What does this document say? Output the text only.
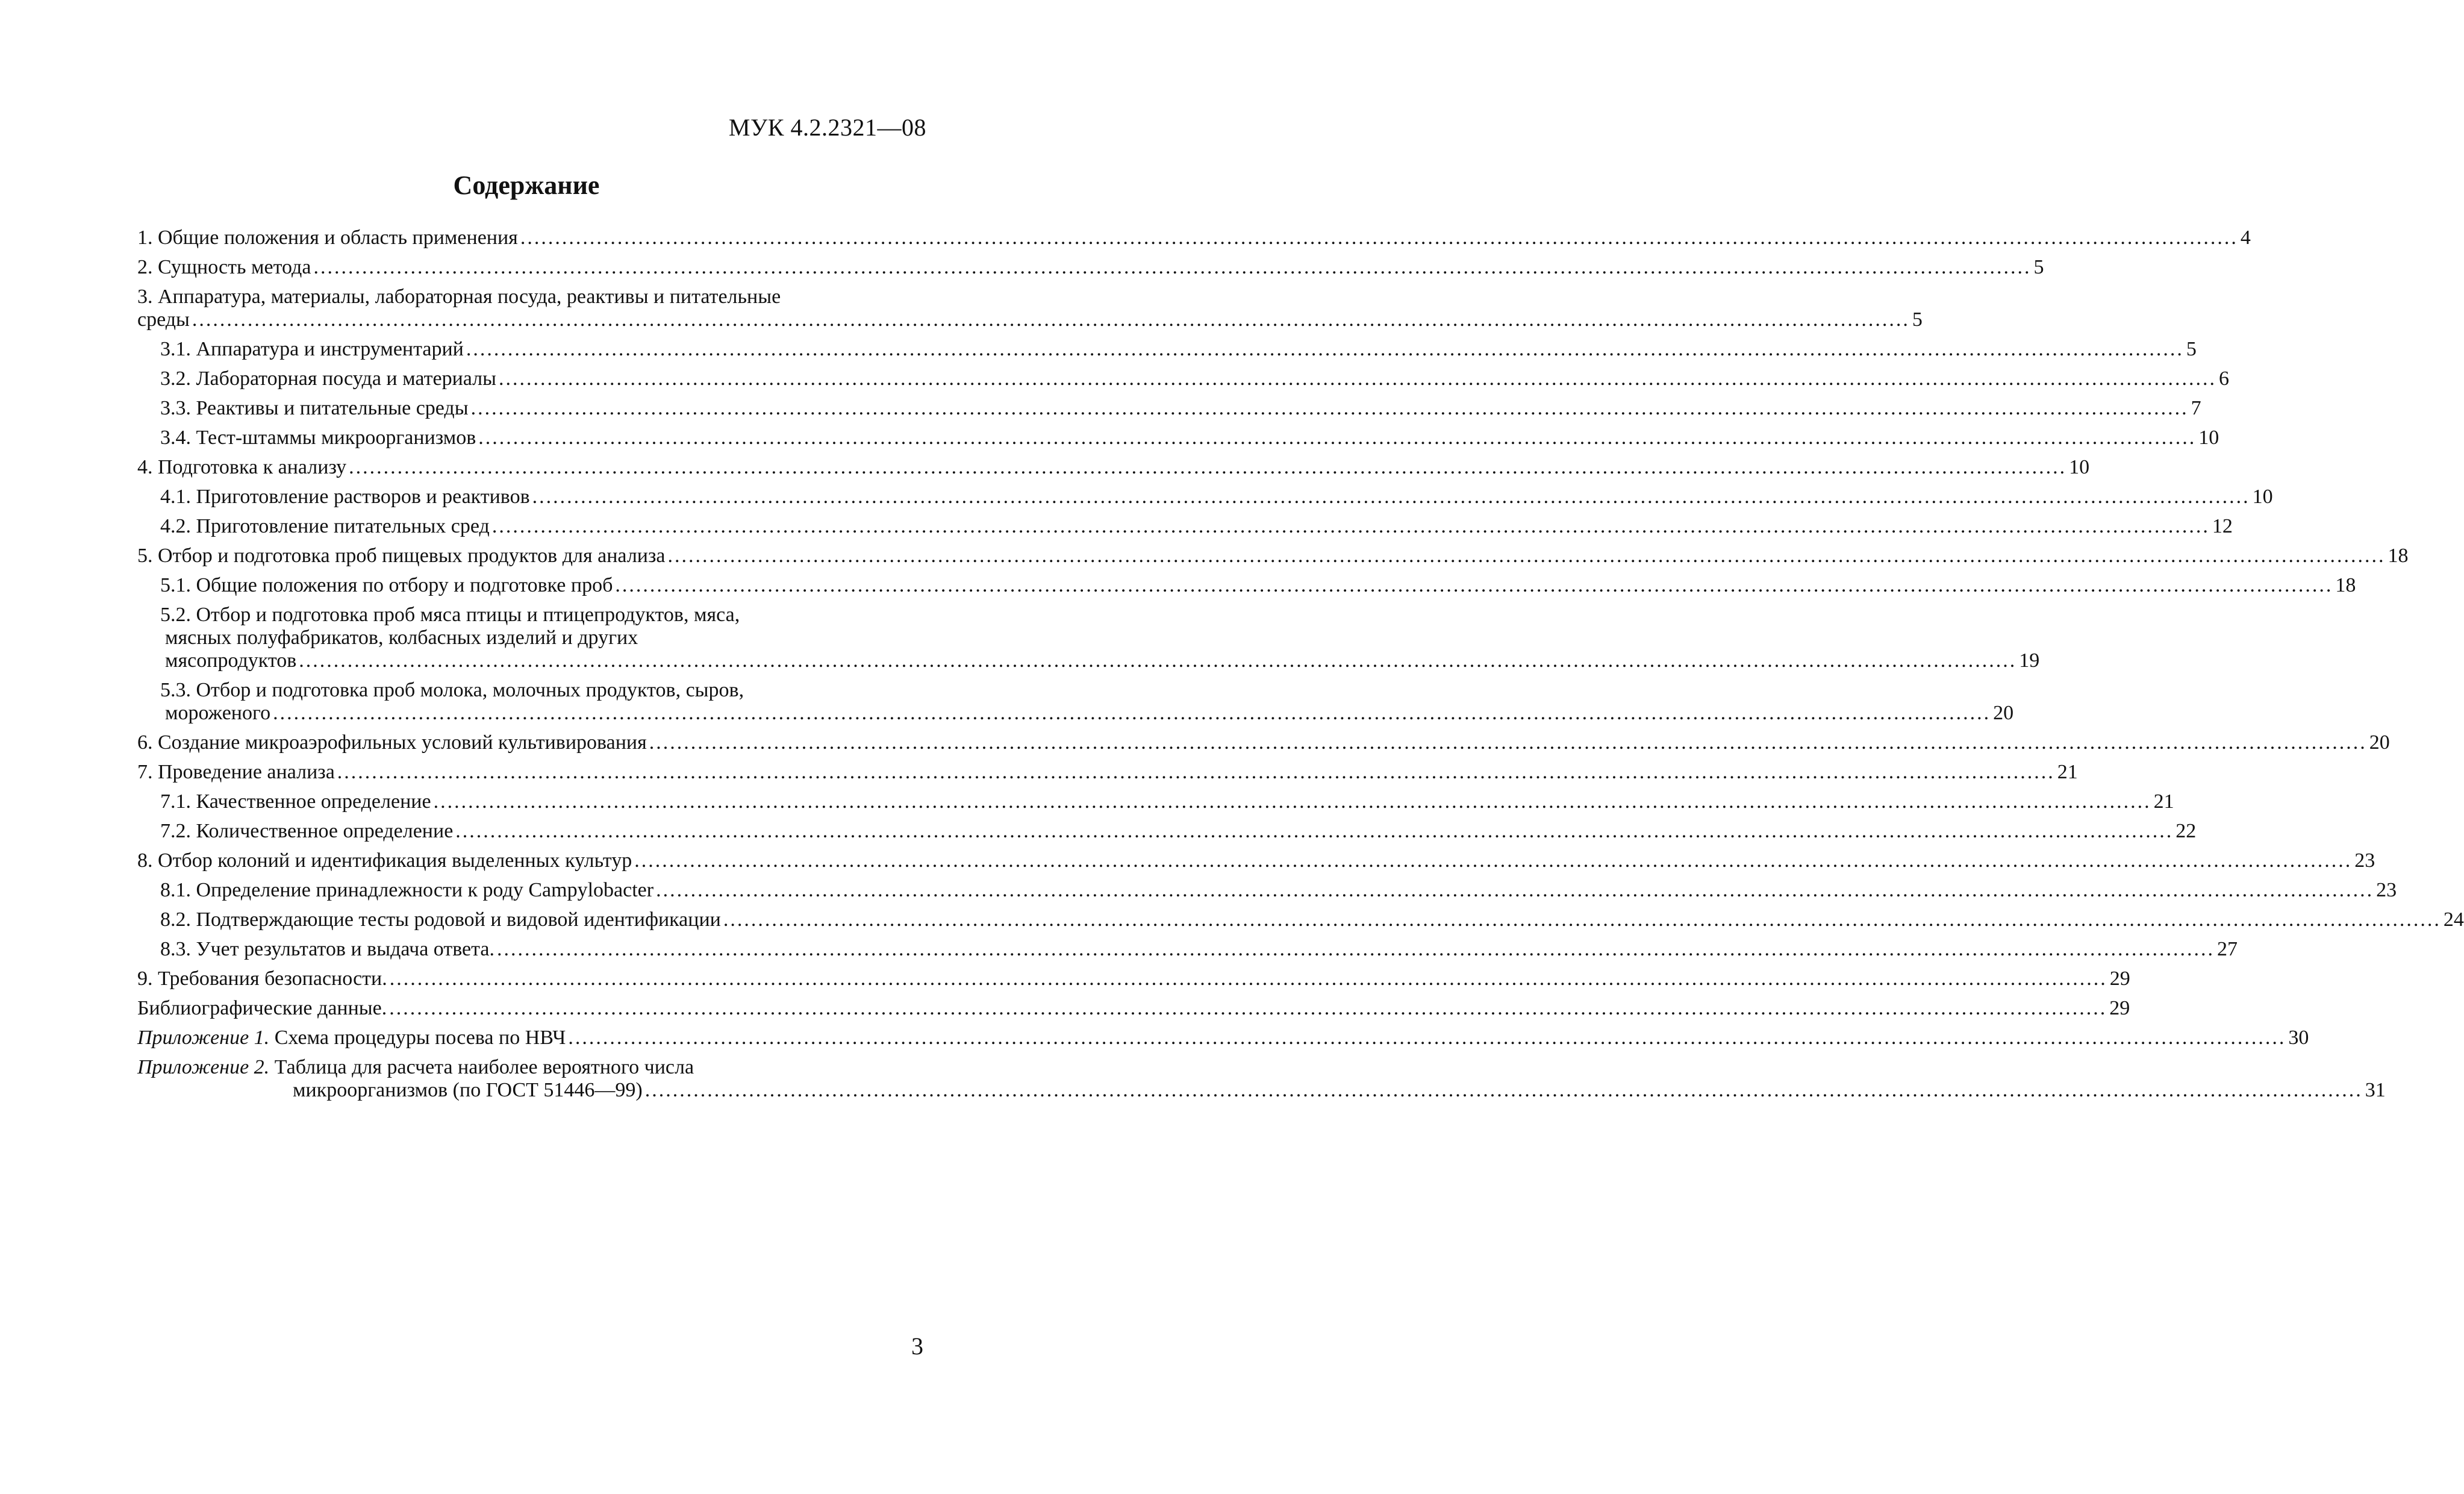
МУК 4.2.2321—08
Содержание
1. Общие положения и область применения .....	4
2. Сущность метода .....	5
3. Аппаратура, материалы, лабораторная посуда, реактивы и питательные
среды .....	5
3.1. Аппаратура и инструментарий .....	5
3.2. Лабораторная посуда и материалы .....	6
3.3. Реактивы и питательные среды .....	7
3.4. Тест-штаммы микроорганизмов .....	10
4. Подготовка к анализу .....	10
4.1. Приготовление растворов и реактивов .....	10
4.2. Приготовление питательных сред .....	12
5. Отбор и подготовка проб пищевых продуктов для анализа .....	18
5.1. Общие положения по отбору и подготовке проб .....	18
5.2. Отбор и подготовка проб мяса птицы и птицепродуктов, мяса,
мясных полуфабрикатов, колбасных изделий и других
мясопродуктов .....	19
5.3. Отбор и подготовка проб молока, молочных продуктов, сыров,
мороженого .....	20
6. Создание микроаэрофильных условий культивирования .....	20
7. Проведение анализа .....	21
7.1. Качественное определение .....	21
7.2. Количественное определение .....	22
8. Отбор колоний и идентификация выделенных культур .....	23
8.1. Определение принадлежности к роду Campylobacter .....	23
8.2. Подтверждающие тесты родовой и видовой идентификации .....	24
8.3. Учет результатов и выдача ответа. .....	27
9. Требования безопасности. .....	29
Библиографические данные. .....	29
Приложение 1. Схема процедуры посева по НВЧ .....	30
Приложение 2. Таблица для расчета наиболее вероятного числа
микроорганизмов (по ГОСТ 51446—99) .....	31
3
